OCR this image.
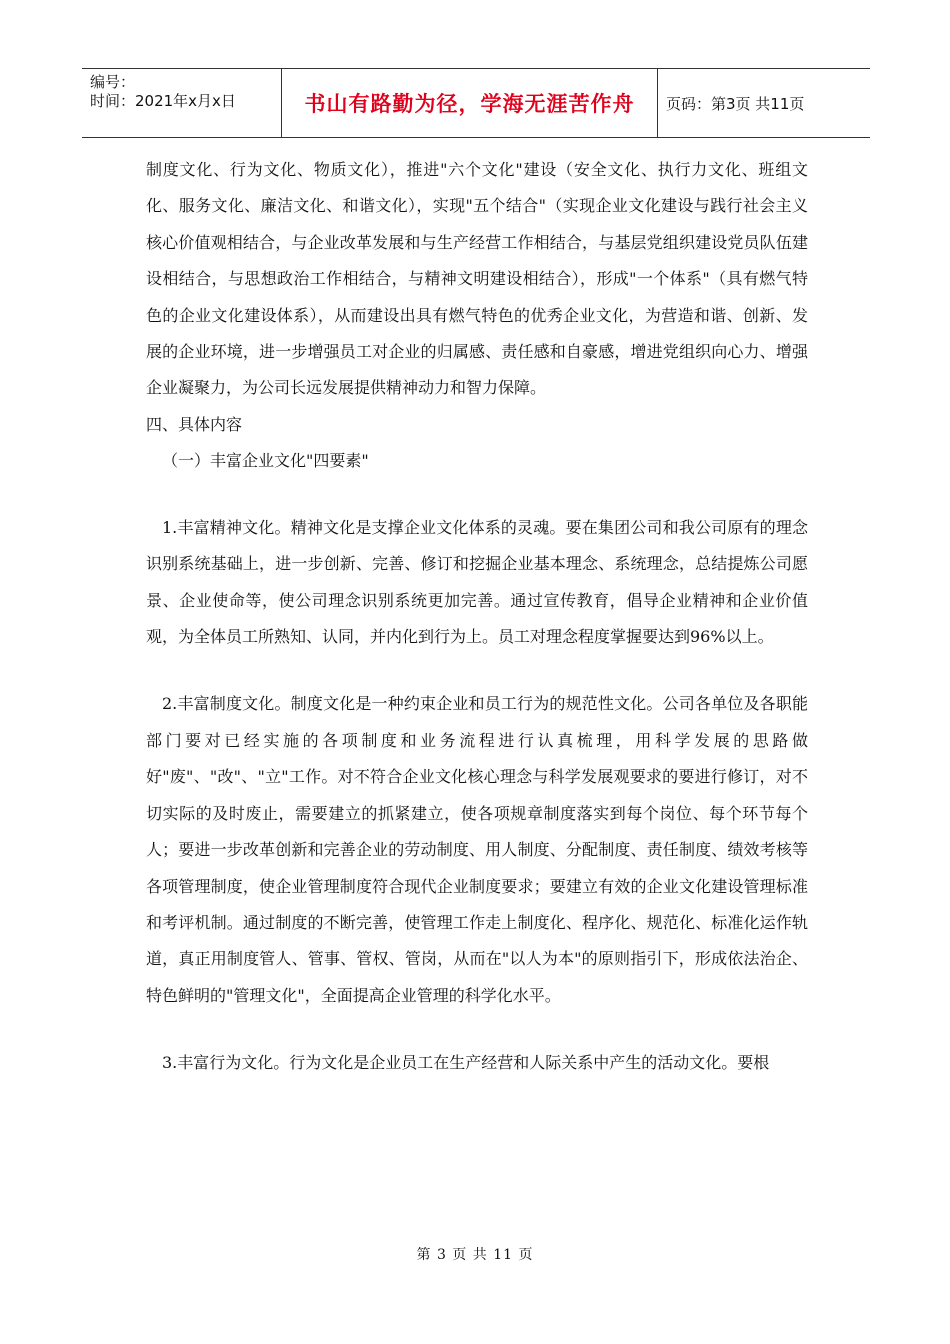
编号：
时间：2021年x月x日	书山有路勤为径，学海无涯苦作舟	页码：第3页 共11页

制度文化、行为文化、物质文化），推进"六个文化"建设（安全文化、执行力文化、班组文化、服务文化、廉洁文化、和谐文化），实现"五个结合"（实现企业文化建设与践行社会主义核心价值观相结合，与企业改革发展和与生产经营工作相结合，与基层党组织建设党员队伍建设相结合，与思想政治工作相结合，与精神文明建设相结合），形成"一个体系"（具有燃气特色的企业文化建设体系），从而建设出具有燃气特色的优秀企业文化，为营造和谐、创新、发展的企业环境，进一步增强员工对企业的归属感、责任感和自豪感，增进党组织向心力、增强企业凝聚力，为公司长远发展提供精神动力和智力保障。

四、具体内容

（一）丰富企业文化"四要素"

1.丰富精神文化。精神文化是支撑企业文化体系的灵魂。要在集团公司和我公司原有的理念识别系统基础上，进一步创新、完善、修订和挖掘企业基本理念、系统理念，总结提炼公司愿景、企业使命等，使公司理念识别系统更加完善。通过宣传教育，倡导企业精神和企业价值观，为全体员工所熟知、认同，并内化到行为上。员工对理念程度掌握要达到96%以上。

2.丰富制度文化。制度文化是一种约束企业和员工行为的规范性文化。公司各单位及各职能部门要对已经实施的各项制度和业务流程进行认真梳理，用科学发展的思路做好"废"、"改"、"立"工作。对不符合企业文化核心理念与科学发展观要求的要进行修订，对不切实际的及时废止，需要建立的抓紧建立，使各项规章制度落实到每个岗位、每个环节每个人；要进一步改革创新和完善企业的劳动制度、用人制度、分配制度、责任制度、绩效考核等各项管理制度，使企业管理制度符合现代企业制度要求；要建立有效的企业文化建设管理标准和考评机制。通过制度的不断完善，使管理工作走上制度化、程序化、规范化、标准化运作轨道，真正用制度管人、管事、管权、管岗，从而在"以人为本"的原则指引下，形成依法治企、特色鲜明的"管理文化"，全面提高企业管理的科学化水平。

3.丰富行为文化。行为文化是企业员工在生产经营和人际关系中产生的活动文化。要根

第 3 页 共 11 页
